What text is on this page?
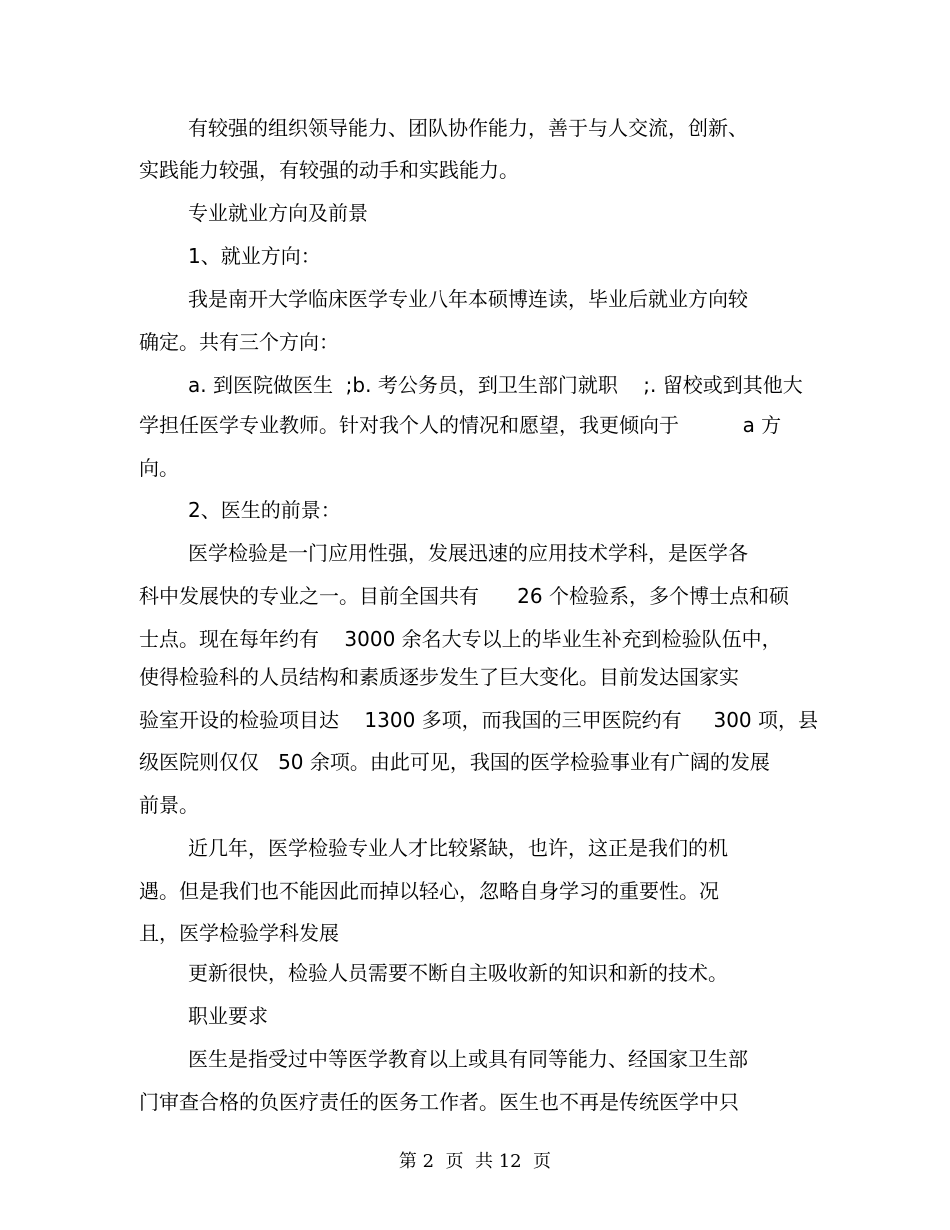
有较强的组织领导能力、团队协作能力，善于与人交流，创新、
实践能力较强，有较强的动手和实践能力。
专业就业方向及前景
1、就业方向：
我是南开大学临床医学专业八年本硕博连读，毕业后就业方向较
确定。共有三个方向：
a. 到医院做医生  ;b. 考公务员，到卫生部门就职    ;. 留校或到其他大
学担任医学专业教师。针对我个人的情况和愿望，我更倾向于          a 方
向。
2、医生的前景：
医学检验是一门应用性强，发展迅速的应用技术学科，是医学各
科中发展快的专业之一。目前全国共有      26 个检验系，多个博士点和硕
士点。现在每年约有    3000 余名大专以上的毕业生补充到检验队伍中，
使得检验科的人员结构和素质逐步发生了巨大变化。目前发达国家实
验室开设的检验项目达    1300 多项，而我国的三甲医院约有     300 项，县
级医院则仅仅   50 余项。由此可见，我国的医学检验事业有广阔的发展
前景。
近几年，医学检验专业人才比较紧缺，也许，这正是我们的机
遇。但是我们也不能因此而掉以轻心，忽略自身学习的重要性。况
且，医学检验学科发展
更新很快，检验人员需要不断自主吸收新的知识和新的技术。
职业要求
医生是指受过中等医学教育以上或具有同等能力、经国家卫生部
门审查合格的负医疗责任的医务工作者。医生也不再是传统医学中只
第 2  页  共 12  页
